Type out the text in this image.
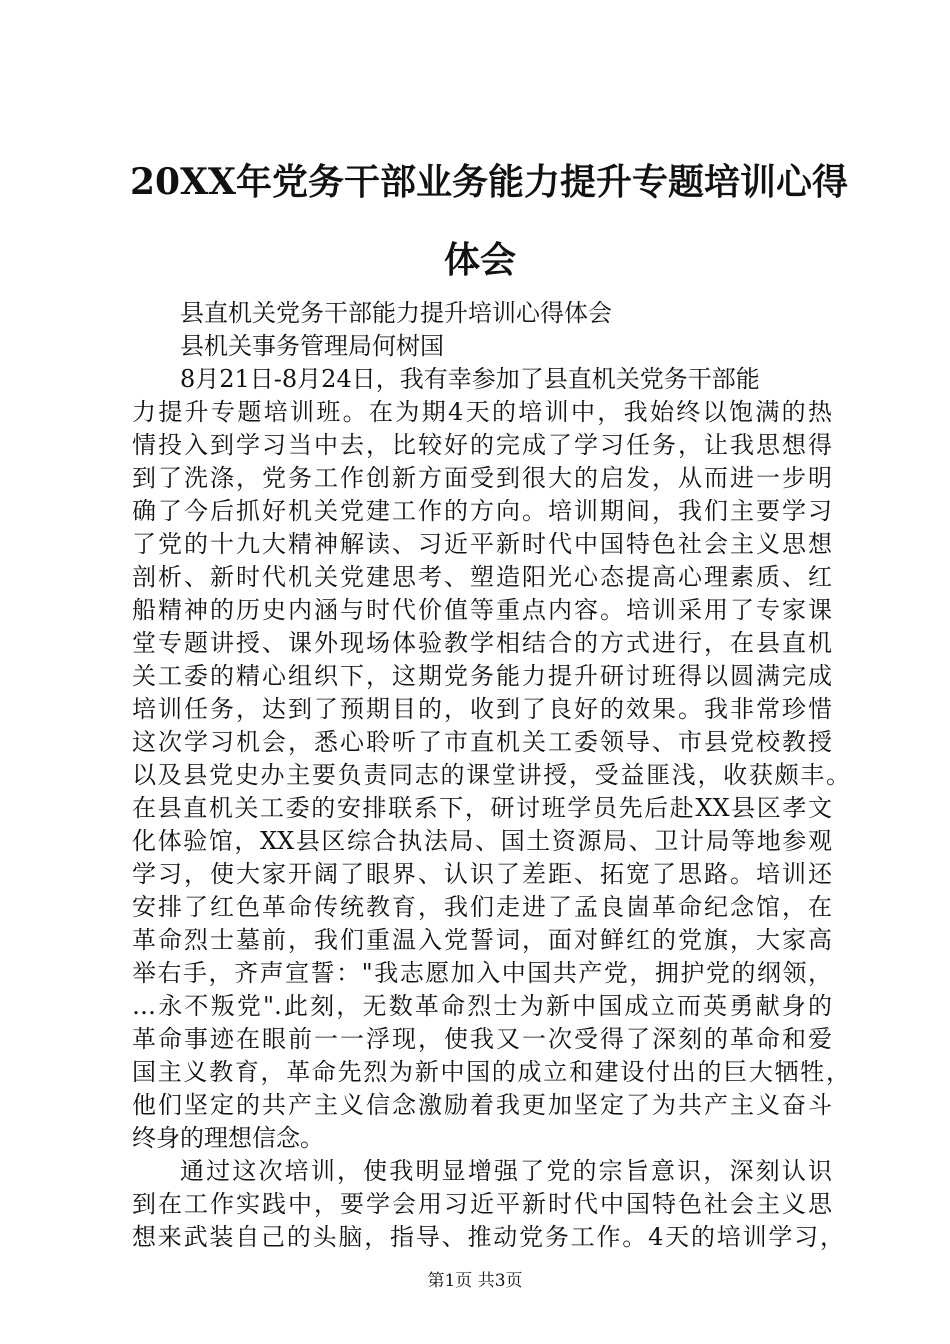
20XX年党务干部业务能力提升专题培训心得
体会

县直机关党务干部能力提升培训心得体会

县机关事务管理局何树国

8月21日-8月24日，我有幸参加了县直机关党务干部能

力提升专题培训班。在为期4天的培训中，我始终以饱满的热

情投入到学习当中去，比较好的完成了学习任务，让我思想得

到了洗涤，党务工作创新方面受到很大的启发，从而进一步明

确了今后抓好机关党建工作的方向。培训期间，我们主要学习

了党的十九大精神解读、习近平新时代中国特色社会主义思想

剖析、新时代机关党建思考、塑造阳光心态提高心理素质、红

船精神的历史内涵与时代价值等重点内容。培训采用了专家课

堂专题讲授、课外现场体验教学相结合的方式进行，在县直机

关工委的精心组织下，这期党务能力提升研讨班得以圆满完成

培训任务，达到了预期目的，收到了良好的效果。我非常珍惜

这次学习机会，悉心聆听了市直机关工委领导、市县党校教授

以及县党史办主要负责同志的课堂讲授，受益匪浅，收获颇丰。

在县直机关工委的安排联系下，研讨班学员先后赴XX县区孝文

化体验馆，XX县区综合执法局、国土资源局、卫计局等地参观

学习，使大家开阔了眼界、认识了差距、拓宽了思路。培训还

安排了红色革命传统教育，我们走进了孟良崮革命纪念馆，在

革命烈士墓前，我们重温入党誓词，面对鲜红的党旗，大家高

举右手，齐声宣誓："我志愿加入中国共产党，拥护党的纲领，

…永不叛党".此刻，无数革命烈士为新中国成立而英勇献身的

革命事迹在眼前一一浮现，使我又一次受得了深刻的革命和爱

国主义教育，革命先烈为新中国的成立和建设付出的巨大牺牲，

他们坚定的共产主义信念激励着我更加坚定了为共产主义奋斗

终身的理想信念。

通过这次培训，使我明显增强了党的宗旨意识，深刻认识

到在工作实践中，要学会用习近平新时代中国特色社会主义思

想来武装自己的头脑，指导、推动党务工作。4天的培训学习，

第1页 共3页
